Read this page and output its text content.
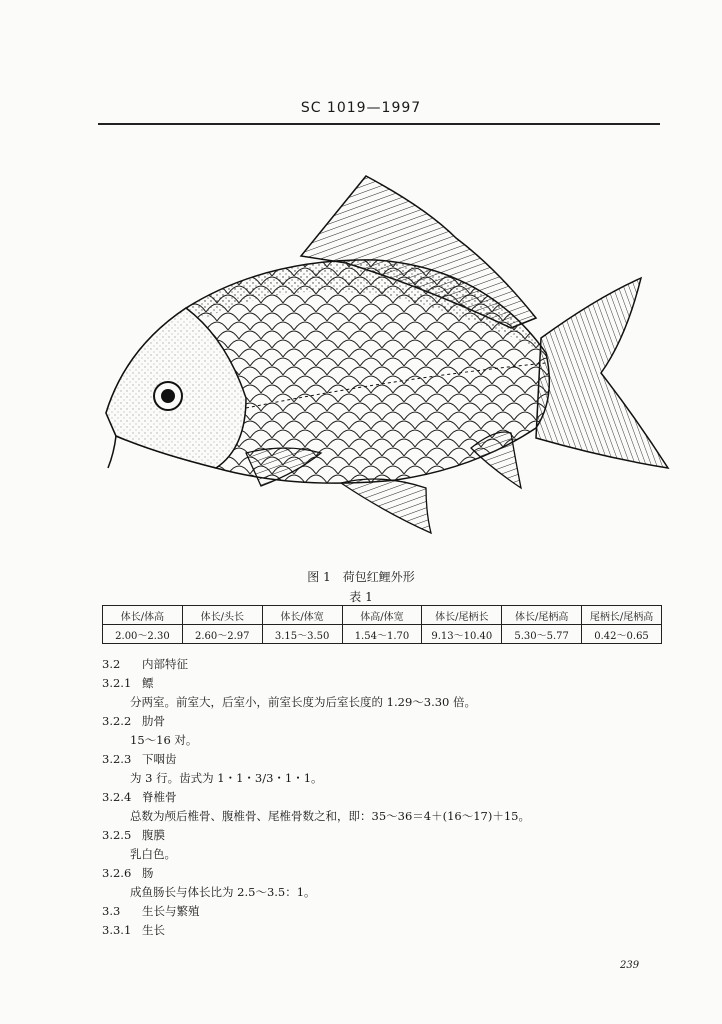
SC 1019—1997
图 1　荷包红鲤外形
表 1
体长/体高	体长/头长	体长/体宽	体高/体宽	体长/尾柄长	体长/尾柄高	尾柄长/尾柄高
2.00～2.30	2.60～2.97	3.15～3.50	1.54～1.70	9.13～10.40	5.30～5.77	0.42～0.65
3.2 内部特征
3.2.1 鳔
分两室。前室大，后室小，前室长度为后室长度的 1.29～3.30 倍。
3.2.2 肋骨
15～16 对。
3.2.3 下咽齿
为 3 行。齿式为 1・1・3/3・1・1。
3.2.4 脊椎骨
总数为颅后椎骨、腹椎骨、尾椎骨数之和，即：35～36＝4＋(16～17)＋15。
3.2.5 腹膜
乳白色。
3.2.6 肠
成鱼肠长与体长比为 2.5～3.5：1。
3.3 生长与繁殖
3.3.1 生长
239
